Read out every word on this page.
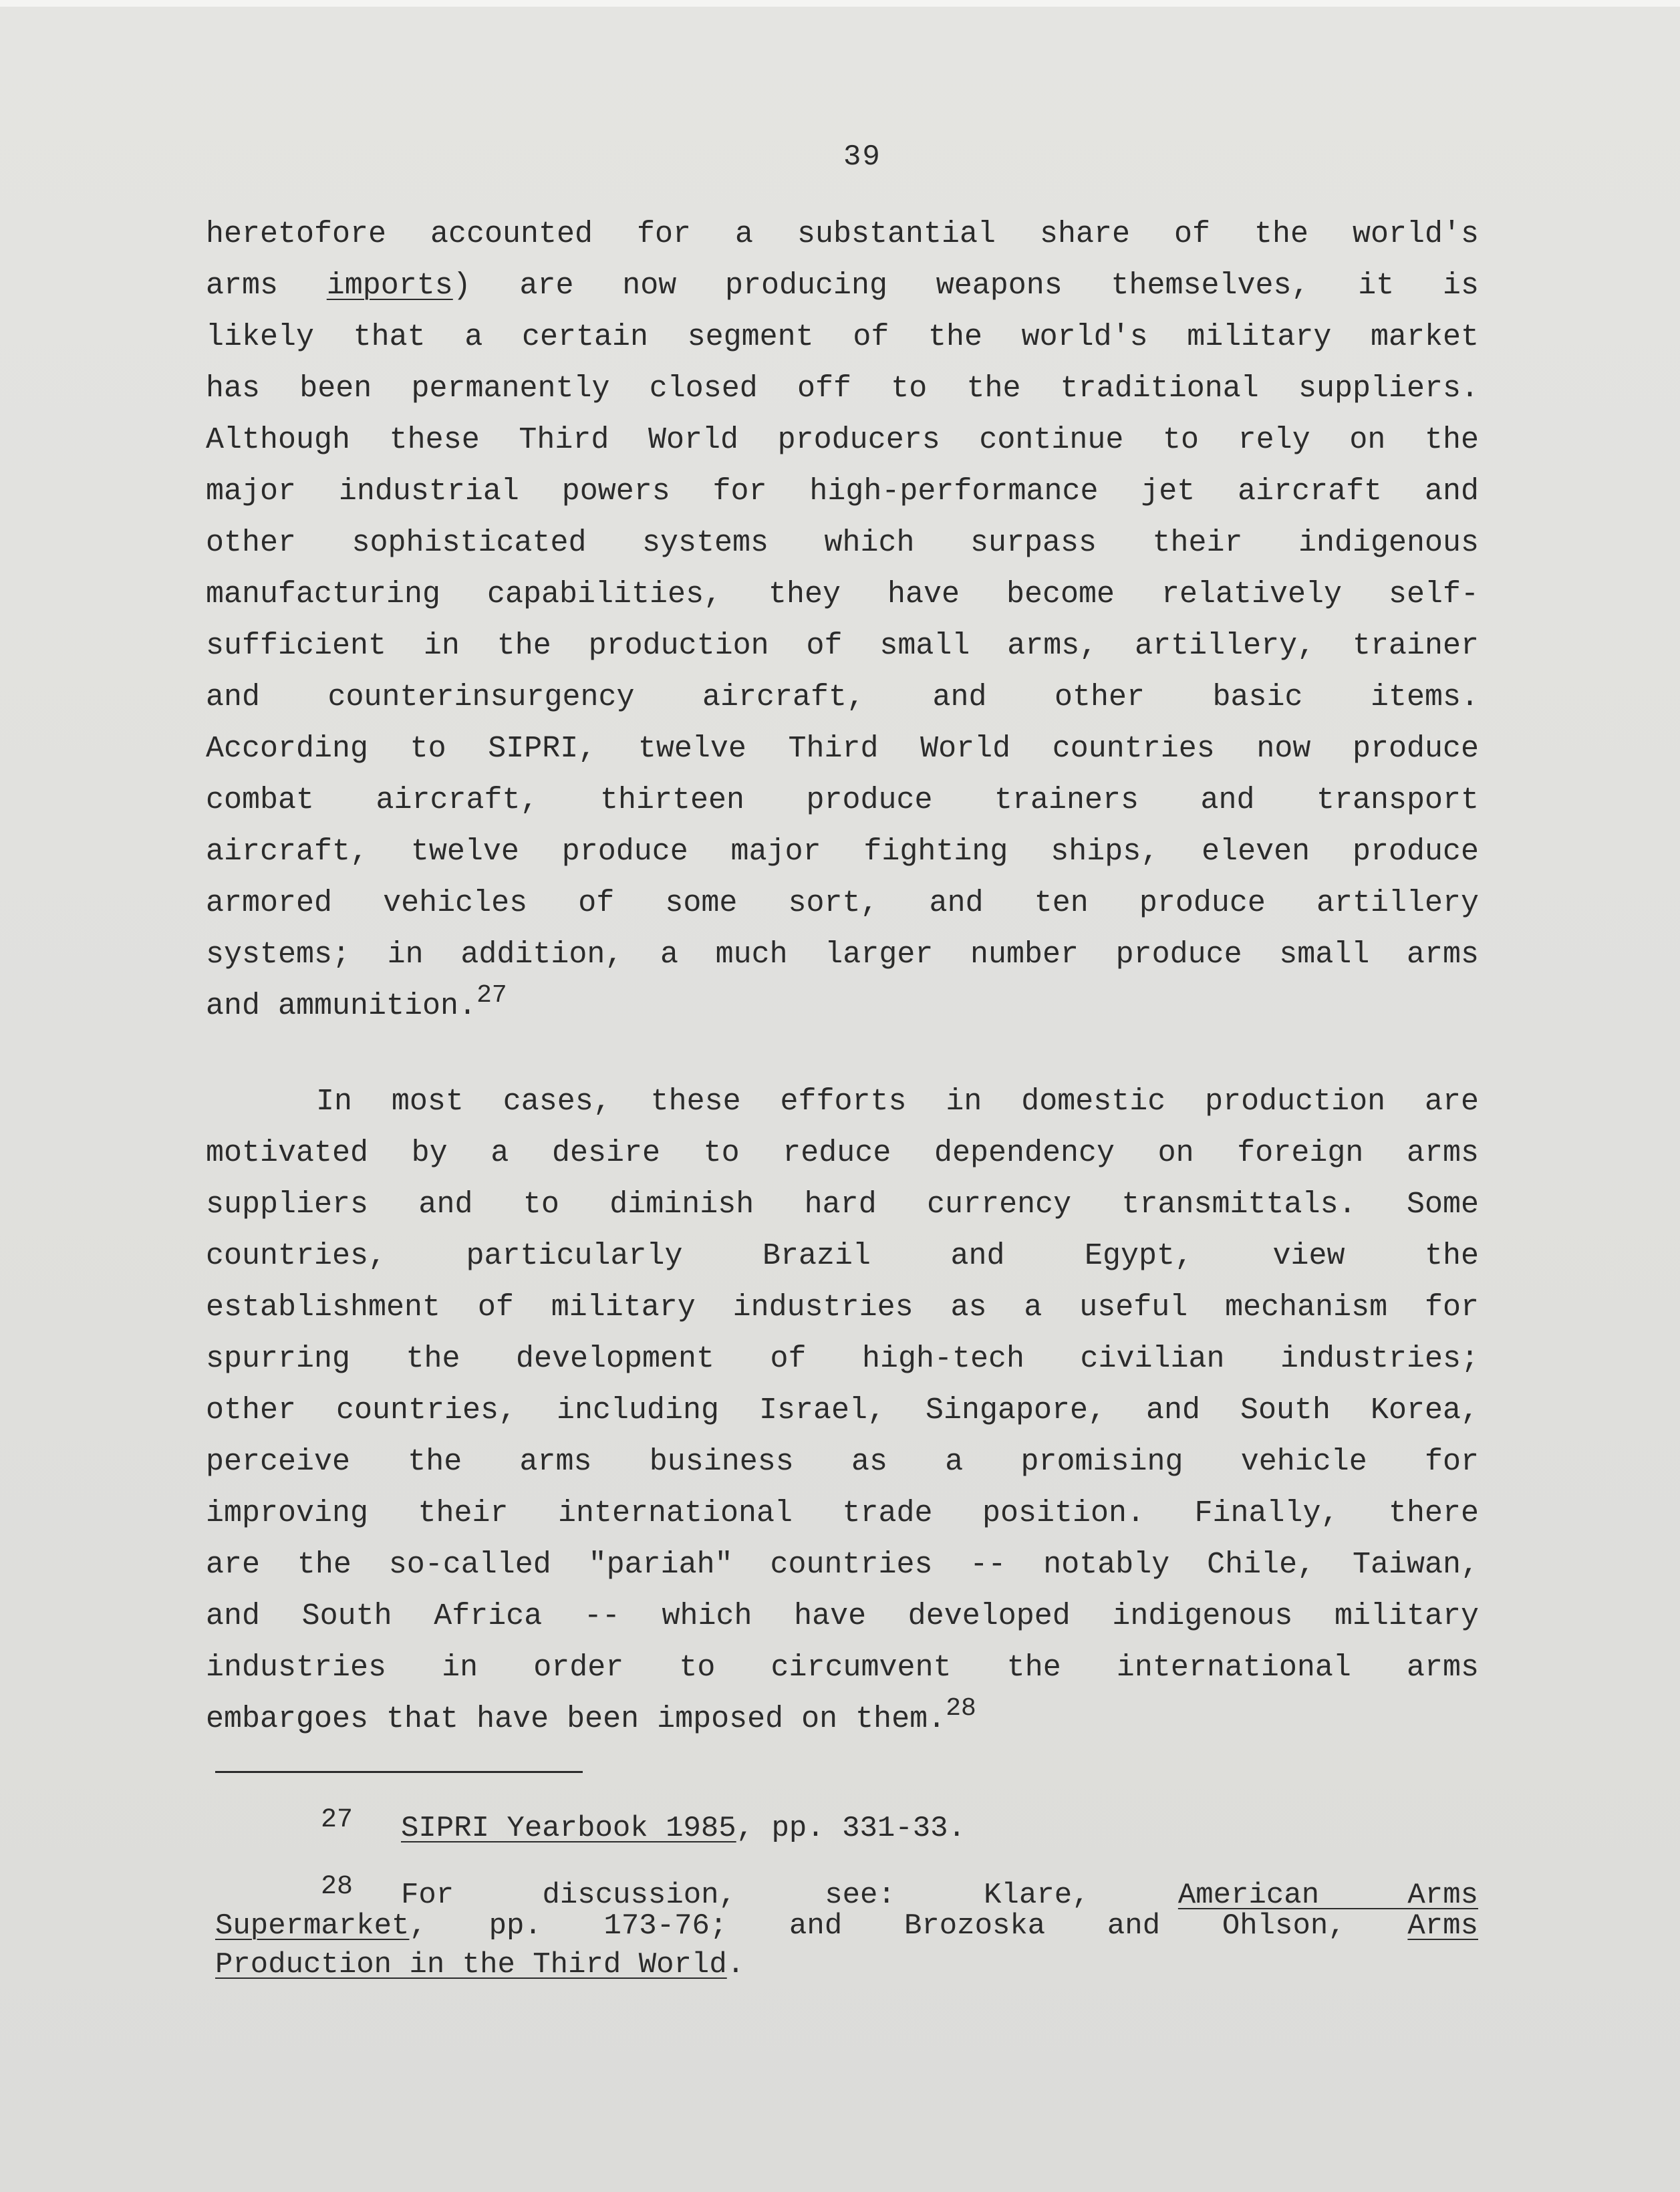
39
heretofore accounted for a substantial share of the world's
arms imports) are now producing weapons themselves, it is
likely that a certain segment of the world's military market
has been permanently closed off to the traditional suppliers.
Although these Third World producers continue to rely on the
major industrial powers for high-performance jet aircraft and
other sophisticated systems which surpass their indigenous
manufacturing capabilities, they have become relatively self-
sufficient in the production of small arms, artillery, trainer
and counterinsurgency aircraft, and other basic items.
According to SIPRI, twelve Third World countries now produce
combat aircraft, thirteen produce trainers and transport
aircraft, twelve produce major fighting ships, eleven produce
armored vehicles of some sort, and ten produce artillery
systems; in addition, a much larger number produce small arms
and ammunition.$^{27}$
In most cases, these efforts in domestic production are
motivated by a desire to reduce dependency on foreign arms
suppliers and to diminish hard currency transmittals. Some
countries, particularly Brazil and Egypt, view the
establishment of military industries as a useful mechanism for
spurring the development of high-tech civilian industries;
other countries, including Israel, Singapore, and South Korea,
perceive the arms business as a promising vehicle for
improving their international trade position. Finally, there
are the so-called "pariah" countries -- notably Chile, Taiwan,
and South Africa -- which have developed indigenous military
industries in order to circumvent the international arms
embargoes that have been imposed on them.$^{28}$
27 SIPRI Yearbook 1985, pp. 331-33.
28 For discussion, see: Klare, American Arms
Supermarket, pp. 173-76; and Brozoska and Ohlson, Arms
Production in the Third World.
